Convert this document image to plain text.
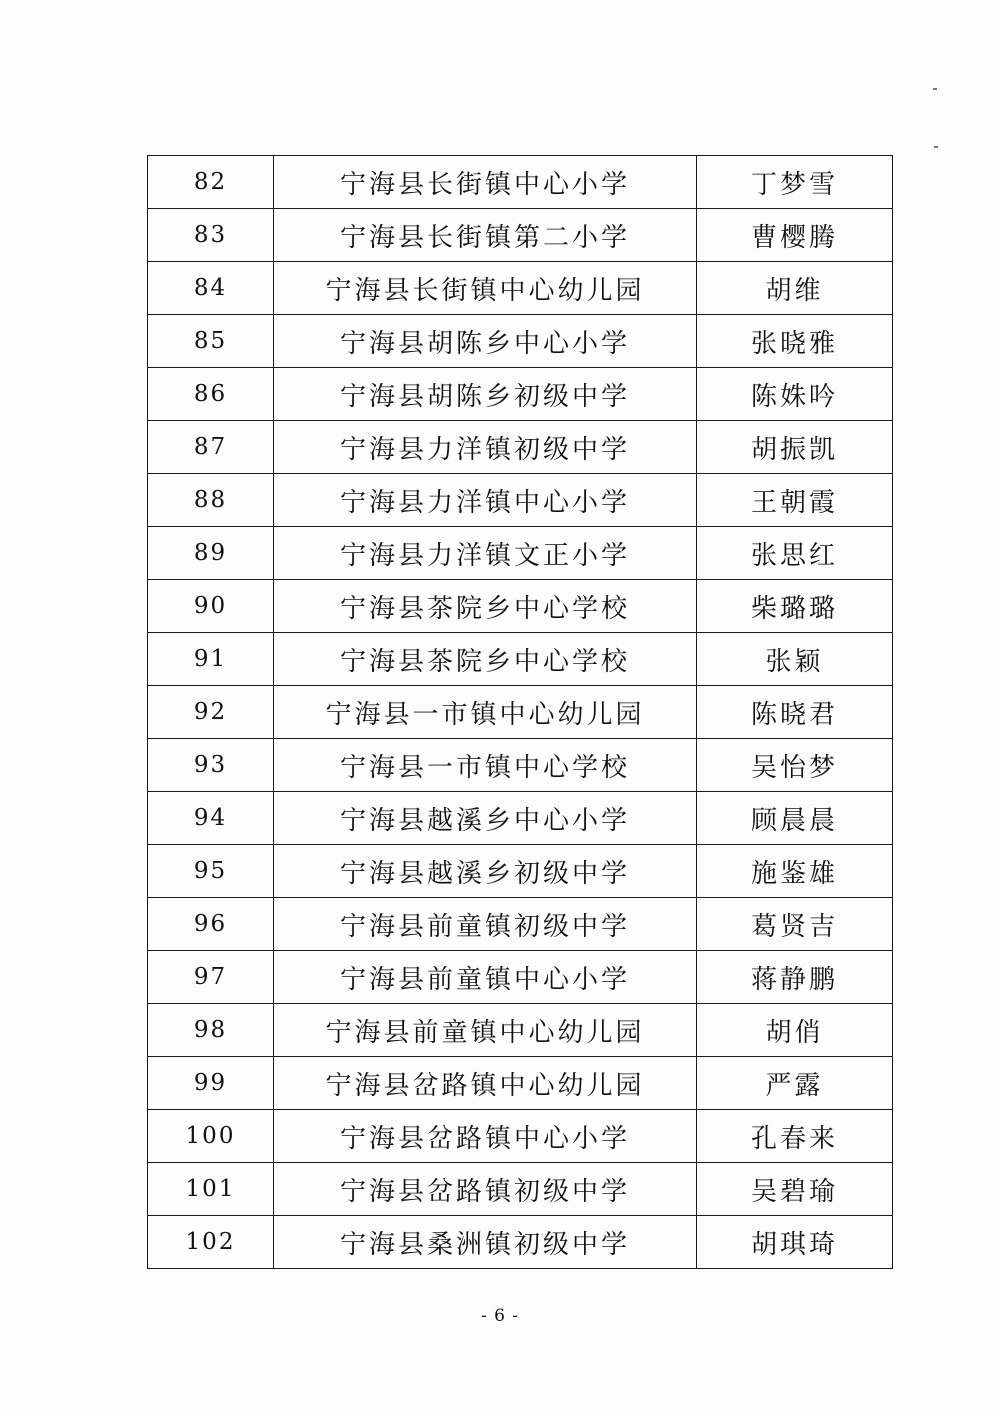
82	宁海县长街镇中心小学	丁梦雪
83	宁海县长街镇第二小学	曹樱腾
84	宁海县长街镇中心幼儿园	胡维
85	宁海县胡陈乡中心小学	张晓雅
86	宁海县胡陈乡初级中学	陈姝吟
87	宁海县力洋镇初级中学	胡振凯
88	宁海县力洋镇中心小学	王朝霞
89	宁海县力洋镇文正小学	张思红
90	宁海县茶院乡中心学校	柴璐璐
91	宁海县茶院乡中心学校	张颖
92	宁海县一市镇中心幼儿园	陈晓君
93	宁海县一市镇中心学校	吴怡梦
94	宁海县越溪乡中心小学	顾晨晨
95	宁海县越溪乡初级中学	施鉴雄
96	宁海县前童镇初级中学	葛贤吉
97	宁海县前童镇中心小学	蒋静鹏
98	宁海县前童镇中心幼儿园	胡俏
99	宁海县岔路镇中心幼儿园	严露
100	宁海县岔路镇中心小学	孔春来
101	宁海县岔路镇初级中学	吴碧瑜
102	宁海县桑洲镇初级中学	胡琪琦
- 6 -
